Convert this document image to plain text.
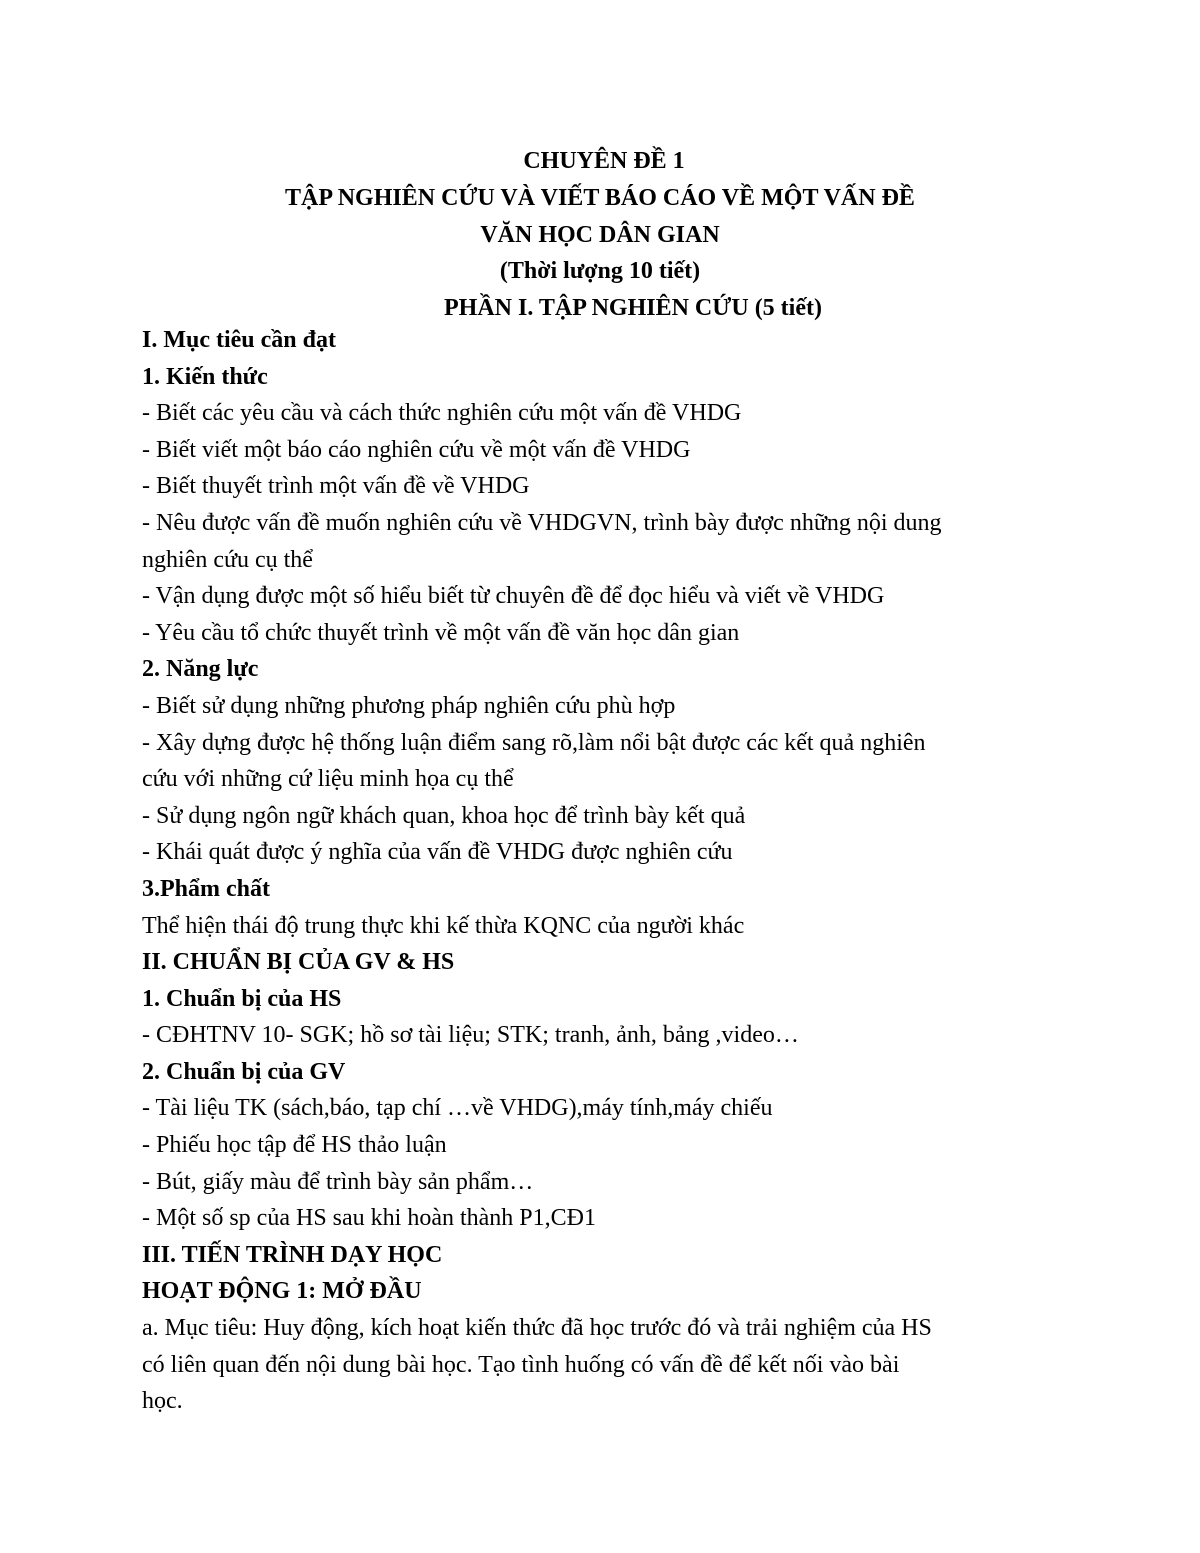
CHUYÊN ĐỀ 1
TẬP NGHIÊN CỨU VÀ VIẾT BÁO CÁO VỀ MỘT VẤN ĐỀ
VĂN HỌC DÂN GIAN
(Thời lượng 10 tiết)
PHẦN I. TẬP NGHIÊN CỨU (5 tiết)
I. Mục tiêu cần đạt
1. Kiến thức
- Biết các yêu cầu và cách thức nghiên cứu một vấn đề VHDG
- Biết viết một báo cáo nghiên cứu về một vấn đề VHDG
- Biết thuyết trình một vấn đề về VHDG
- Nêu được vấn đề muốn nghiên cứu về VHDGVN, trình bày được những nội dung
nghiên cứu cụ thể
- Vận dụng được một số hiểu biết từ chuyên đề để đọc hiểu và viết về VHDG
- Yêu cầu tổ chức thuyết trình về một vấn đề văn học dân gian
2. Năng lực
- Biết sử dụng những phương pháp nghiên cứu phù hợp
- Xây dựng được hệ thống luận điểm sang rõ,làm nổi bật được các kết quả nghiên
cứu với những cứ liệu minh họa cụ thể
- Sử dụng ngôn ngữ khách quan, khoa học để trình bày kết quả
- Khái quát được ý nghĩa của vấn đề VHDG được nghiên cứu
3.Phẩm chất
Thể hiện thái độ trung thực khi kế thừa KQNC của người khác
II. CHUẨN BỊ CỦA GV & HS
1. Chuẩn bị của HS
- CĐHTNV 10- SGK; hồ sơ tài liệu; STK; tranh, ảnh, bảng ,video…
2. Chuẩn bị của GV
- Tài liệu TK (sách,báo, tạp chí …về VHDG),máy tính,máy chiếu
- Phiếu học tập để HS thảo luận
- Bút, giấy màu để trình bày sản phẩm…
- Một số sp của HS sau khi hoàn thành P1,CĐ1
III. TIẾN TRÌNH DẠY HỌC
HOẠT ĐỘNG 1: MỞ ĐẦU
a. Mục tiêu: Huy động, kích hoạt kiến thức đã học trước đó và trải nghiệm của HS
có liên quan đến nội dung bài học. Tạo tình huống có vấn đề để kết nối vào bài
học.
